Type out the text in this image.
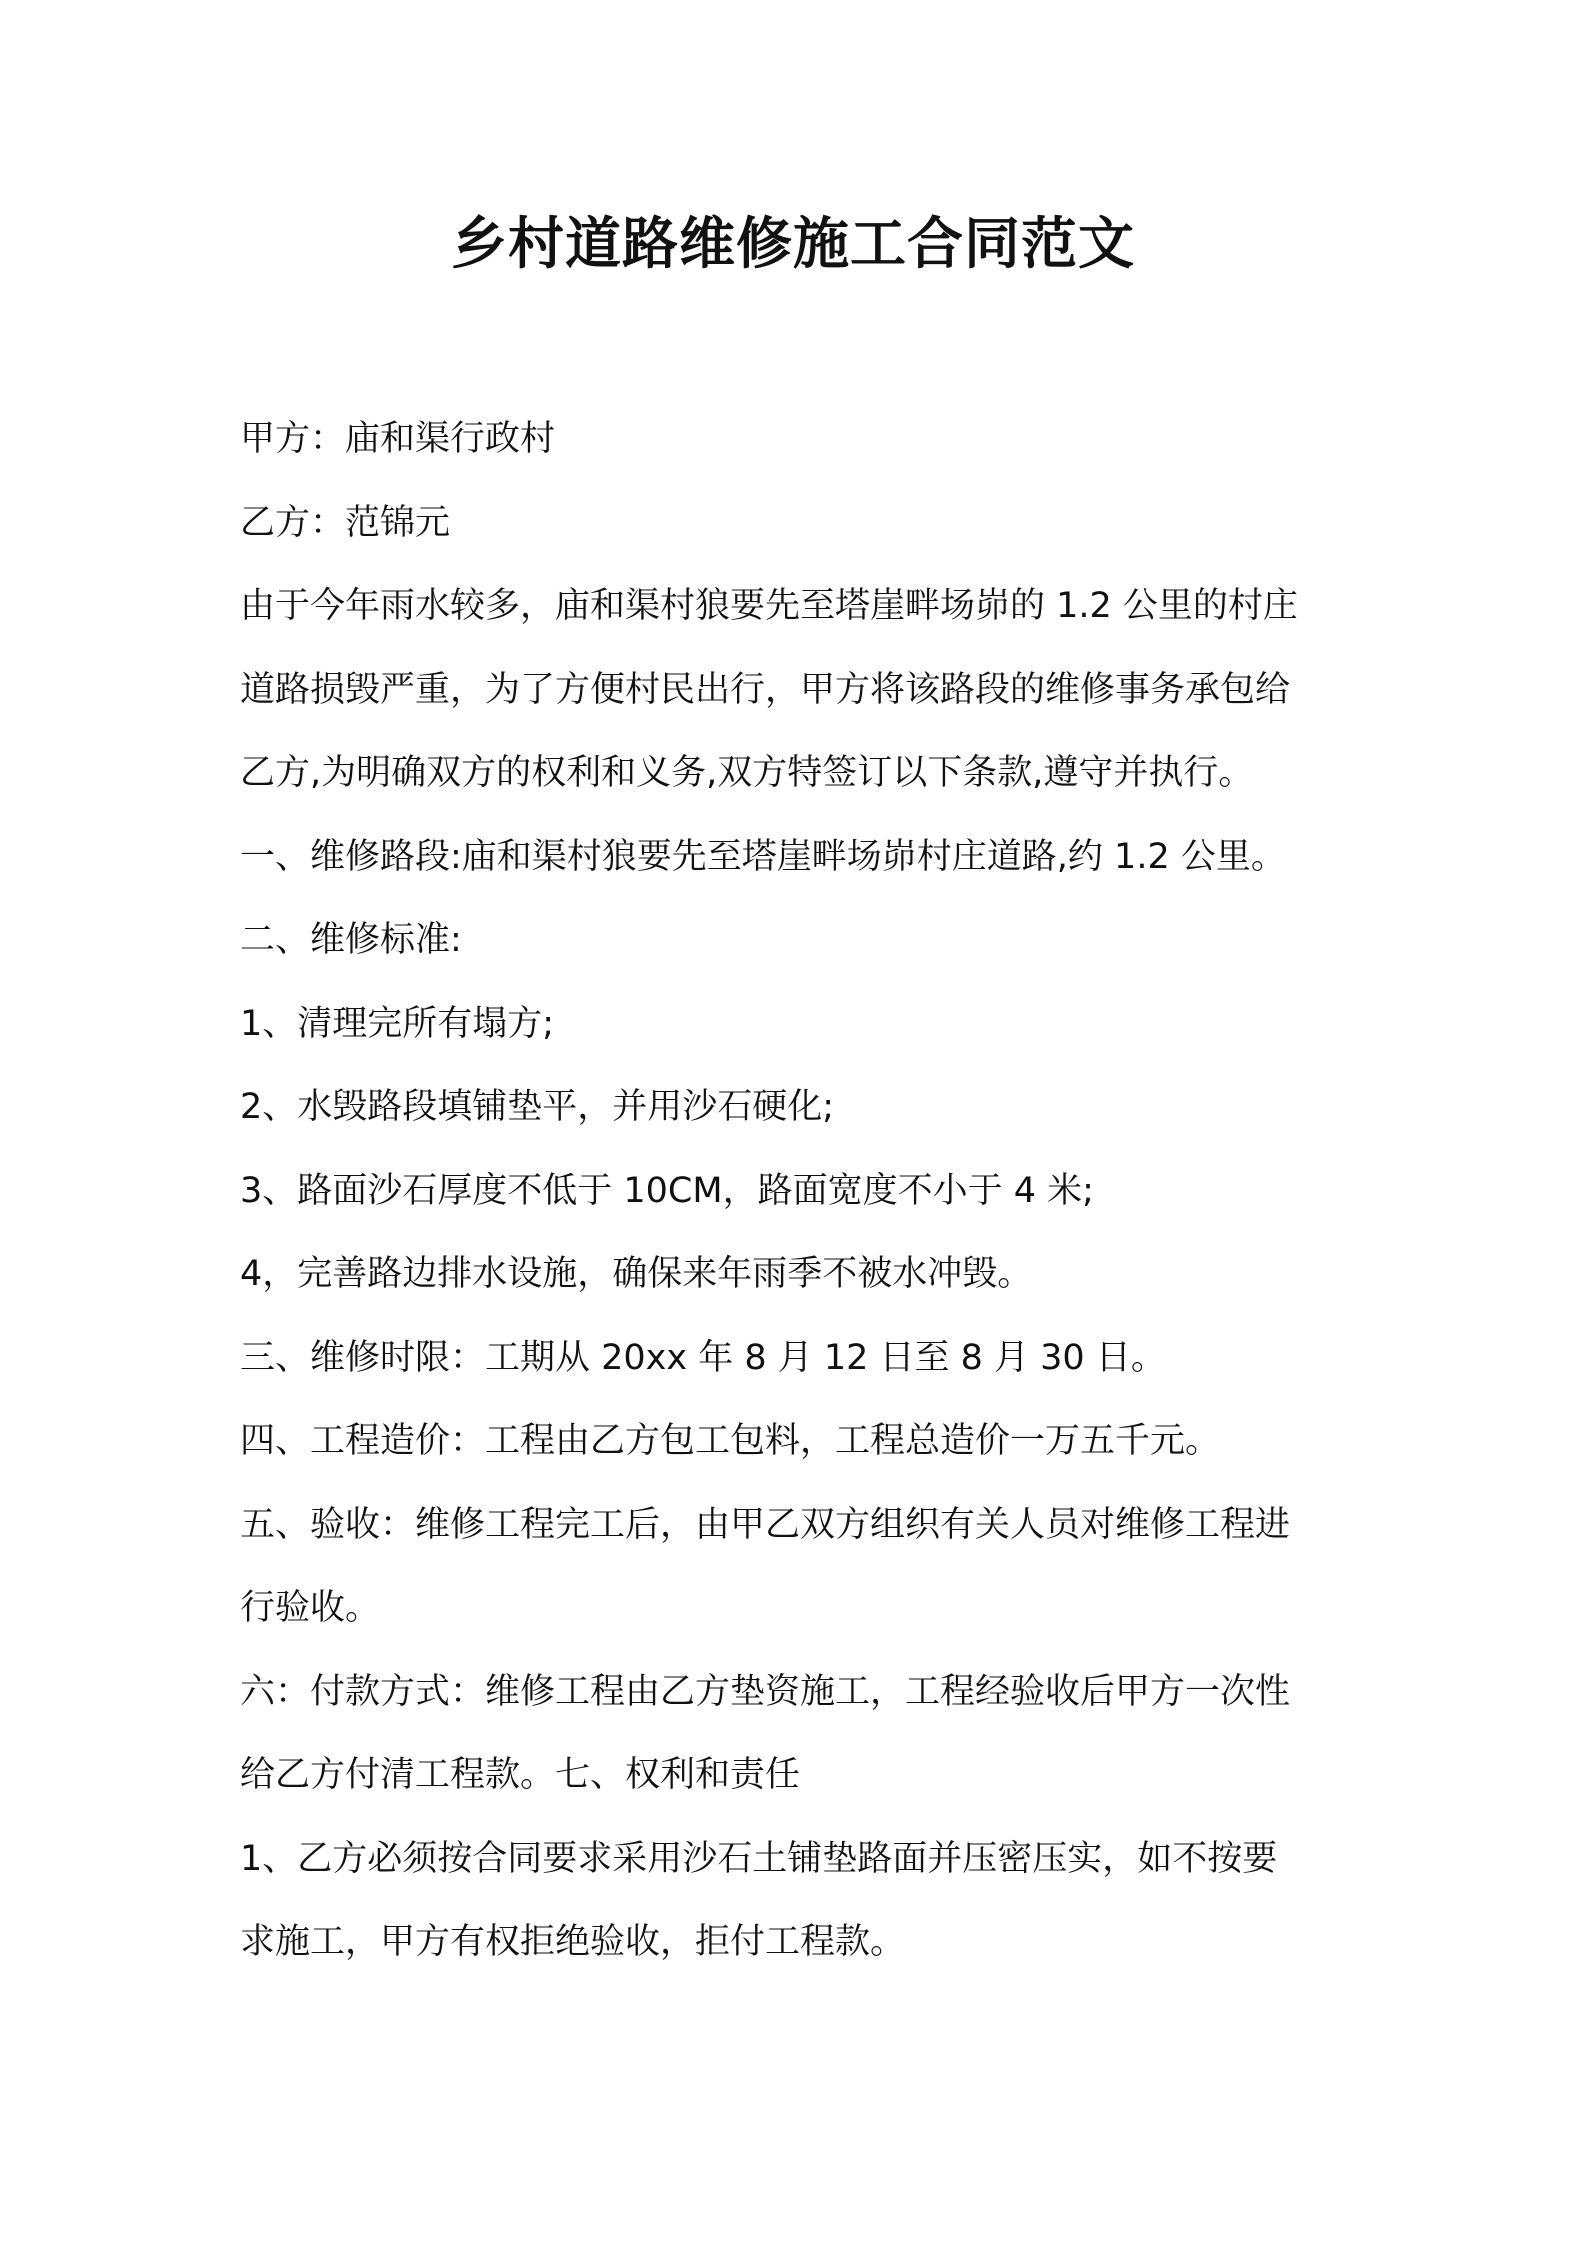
乡村道路维修施工合同范文

甲方：庙和渠行政村

乙方：范锦元

由于今年雨水较多，庙和渠村狼要先至塔崖畔场峁的 1.2 公里的村庄

道路损毁严重，为了方便村民出行，甲方将该路段的维修事务承包给

乙方,为明确双方的权利和义务,双方特签订以下条款,遵守并执行。

一、维修路段:庙和渠村狼要先至塔崖畔场峁村庄道路,约 1.2 公里。

二、维修标准:

1、清理完所有塌方;

2、水毁路段填铺垫平，并用沙石硬化;

3、路面沙石厚度不低于 10CM，路面宽度不小于 4 米;

4，完善路边排水设施，确保来年雨季不被水冲毁。

三、维修时限：工期从 20xx 年 8 月 12 日至 8 月 30 日。

四、工程造价：工程由乙方包工包料，工程总造价一万五千元。

五、验收：维修工程完工后，由甲乙双方组织有关人员对维修工程进

行验收。

六：付款方式：维修工程由乙方垫资施工，工程经验收后甲方一次性

给乙方付清工程款。七、权利和责任

1、乙方必须按合同要求采用沙石土铺垫路面并压密压实，如不按要

求施工，甲方有权拒绝验收，拒付工程款。
